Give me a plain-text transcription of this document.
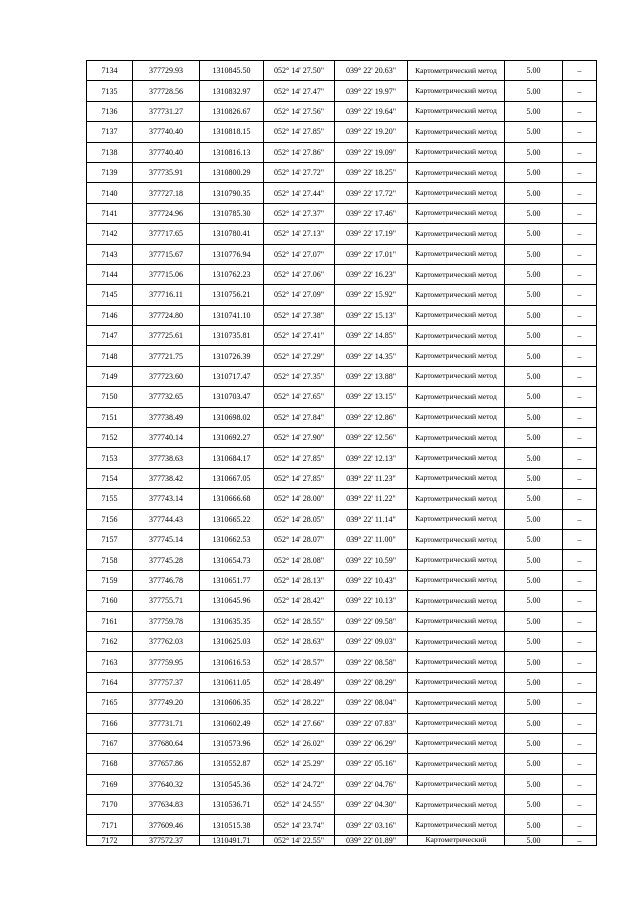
7134	377729.93	1310845.50	052° 14' 27.50"	039° 22' 20.63"	Картометрический метод	5.00	–
7135	377728.56	1310832.97	052° 14' 27.47"	039° 22' 19.97"	Картометрический метод	5.00	–
7136	377731.27	1310826.67	052° 14' 27.56"	039° 22' 19.64"	Картометрический метод	5.00	–
7137	377740.40	1310818.15	052° 14' 27.85"	039° 22' 19.20"	Картометрический метод	5.00	–
7138	377740.40	1310816.13	052° 14' 27.86"	039° 22' 19.09"	Картометрический метод	5.00	–
7139	377735.91	1310800.29	052° 14' 27.72"	039° 22' 18.25"	Картометрический метод	5.00	–
7140	377727.18	1310790.35	052° 14' 27.44"	039° 22' 17.72"	Картометрический метод	5.00	–
7141	377724.96	1310785.30	052° 14' 27.37"	039° 22' 17.46"	Картометрический метод	5.00	–
7142	377717.65	1310780.41	052° 14' 27.13"	039° 22' 17.19"	Картометрический метод	5.00	–
7143	377715.67	1310776.94	052° 14' 27.07"	039° 22' 17.01"	Картометрический метод	5.00	–
7144	377715.06	1310762.23	052° 14' 27.06"	039° 22' 16.23"	Картометрический метод	5.00	–
7145	377716.11	1310756.21	052° 14' 27.09"	039° 22' 15.92"	Картометрический метод	5.00	–
7146	377724.80	1310741.10	052° 14' 27.38"	039° 22' 15.13"	Картометрический метод	5.00	–
7147	377725.61	1310735.81	052° 14' 27.41"	039° 22' 14.85"	Картометрический метод	5.00	–
7148	377721.75	1310726.39	052° 14' 27.29"	039° 22' 14.35"	Картометрический метод	5.00	–
7149	377723.60	1310717.47	052° 14' 27.35"	039° 22' 13.88"	Картометрический метод	5.00	–
7150	377732.65	1310703.47	052° 14' 27.65"	039° 22' 13.15"	Картометрический метод	5.00	–
7151	377738.49	1310698.02	052° 14' 27.84"	039° 22' 12.86"	Картометрический метод	5.00	–
7152	377740.14	1310692.27	052° 14' 27.90"	039° 22' 12.56"	Картометрический метод	5.00	–
7153	377738.63	1310684.17	052° 14' 27.85"	039° 22' 12.13"	Картометрический метод	5.00	–
7154	377738.42	1310667.05	052° 14' 27.85"	039° 22' 11.23"	Картометрический метод	5.00	–
7155	377743.14	1310666.68	052° 14' 28.00"	039° 22' 11.22"	Картометрический метод	5.00	–
7156	377744.43	1310665.22	052° 14' 28.05"	039° 22' 11.14"	Картометрический метод	5.00	–
7157	377745.14	1310662.53	052° 14' 28.07"	039° 22' 11.00"	Картометрический метод	5.00	–
7158	377745.28	1310654.73	052° 14' 28.08"	039° 22' 10.59"	Картометрический метод	5.00	–
7159	377746.78	1310651.77	052° 14' 28.13"	039° 22' 10.43"	Картометрический метод	5.00	–
7160	377755.71	1310645.96	052° 14' 28.42"	039° 22' 10.13"	Картометрический метод	5.00	–
7161	377759.78	1310635.35	052° 14' 28.55"	039° 22' 09.58"	Картометрический метод	5.00	–
7162	377762.03	1310625.03	052° 14' 28.63"	039° 22' 09.03"	Картометрический метод	5.00	–
7163	377759.95	1310616.53	052° 14' 28.57"	039° 22' 08.58"	Картометрический метод	5.00	–
7164	377757.37	1310611.05	052° 14' 28.49"	039° 22' 08.29"	Картометрический метод	5.00	–
7165	377749.20	1310606.35	052° 14' 28.22"	039° 22' 08.04"	Картометрический метод	5.00	–
7166	377731.71	1310602.49	052° 14' 27.66"	039° 22' 07.83"	Картометрический метод	5.00	–
7167	377680.64	1310573.96	052° 14' 26.02"	039° 22' 06.29"	Картометрический метод	5.00	–
7168	377657.86	1310552.87	052° 14' 25.29"	039° 22' 05.16"	Картометрический метод	5.00	–
7169	377640.32	1310545.36	052° 14' 24.72"	039° 22' 04.76"	Картометрический метод	5.00	–
7170	377634.83	1310536.71	052° 14' 24.55"	039° 22' 04.30"	Картометрический метод	5.00	–
7171	377609.46	1310515.38	052° 14' 23.74"	039° 22' 03.16"	Картометрический метод	5.00	–
7172	377572.37	1310491.71	052° 14' 22.55"	039° 22' 01.89"	Картометрический	5.00	–
